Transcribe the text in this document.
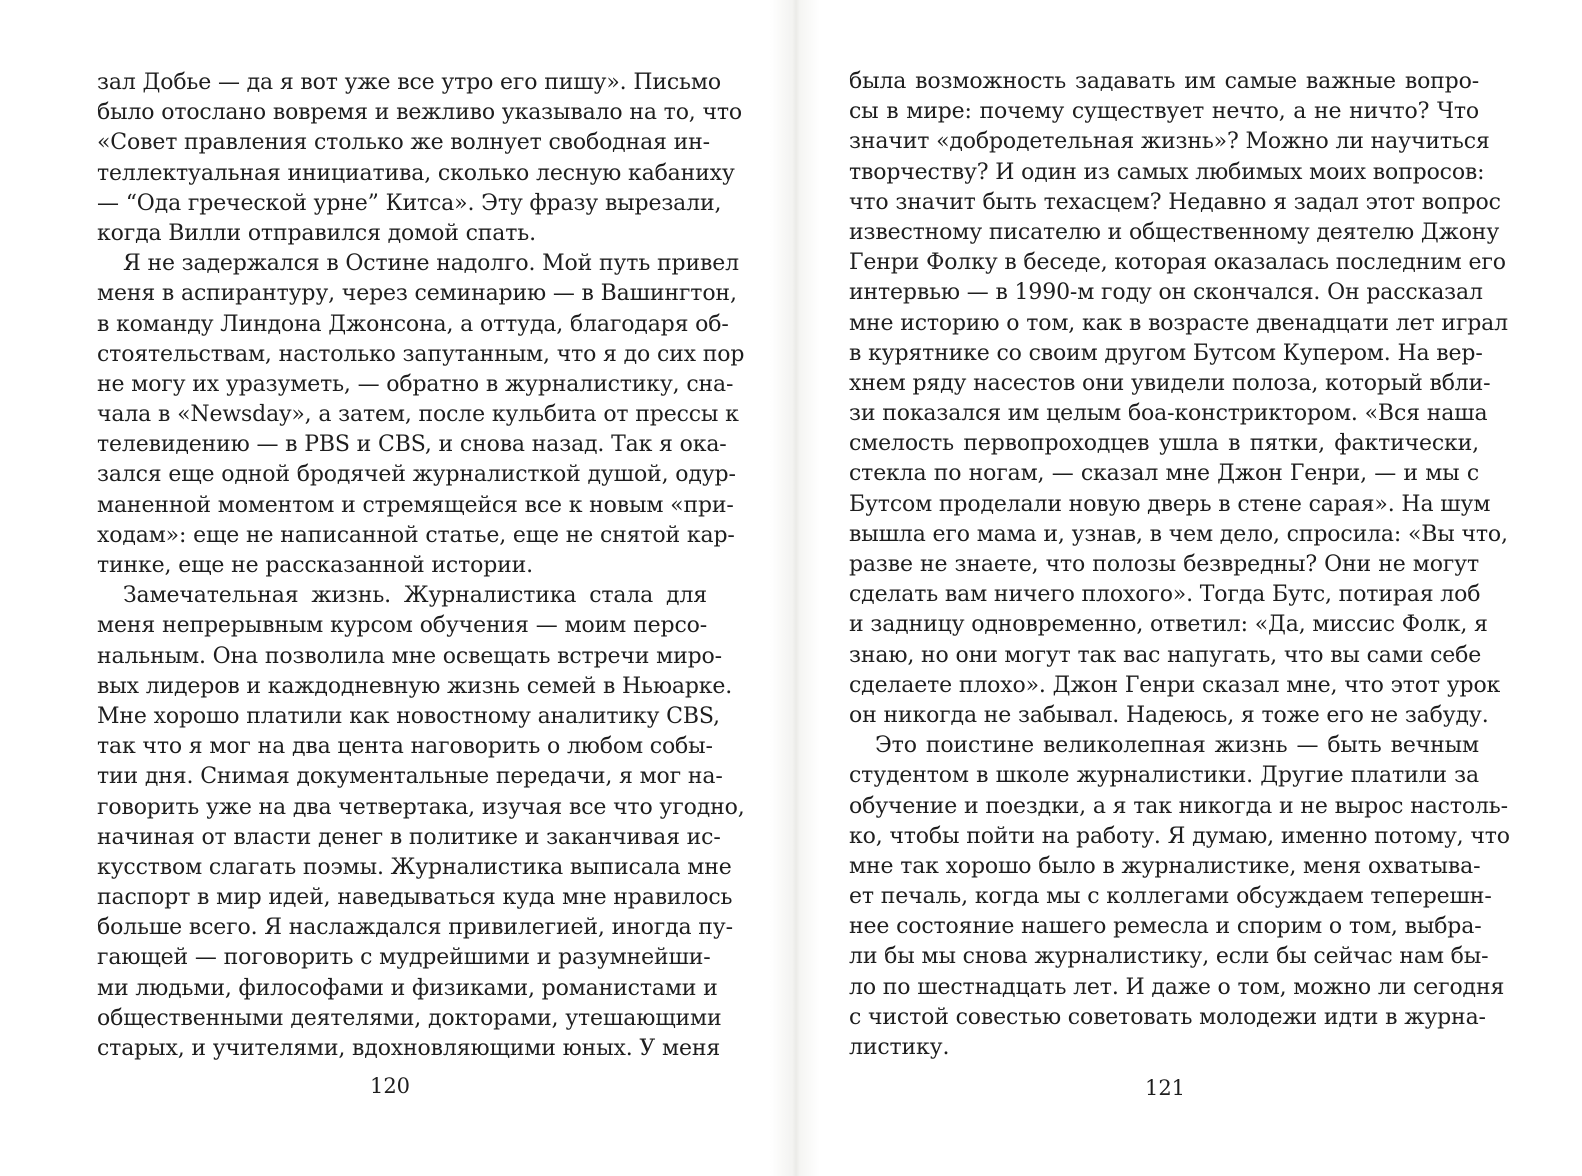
зал Добье — да я вот уже все утро его пишу». Письмо
было отослано вовремя и вежливо указывало на то, что
«Совет правления столько же волнует свободная ин-
теллектуальная инициатива, сколько лесную кабаниху
— “Ода греческой урне” Китса». Эту фразу вырезали,
когда Вилли отправился домой спать.
Я не задержался в Остине надолго. Мой путь привел
меня в аспирантуру, через семинарию — в Вашингтон,
в команду Линдона Джонсона, а оттуда, благодаря об-
стоятельствам, настолько запутанным, что я до сих пор
не могу их уразуметь, — обратно в журналистику, сна-
чала в «Newsday», а затем, после кульбита от прессы к
телевидению — в PBS и CBS, и снова назад. Так я ока-
зался еще одной бродячей журналисткой душой, одур-
маненной моментом и стремящейся все к новым «при-
ходам»: еще не написанной статье, еще не снятой кар-
тинке, еще не рассказанной истории.
Замечательная жизнь. Журналистика стала для
меня непрерывным курсом обучения — моим персо-
нальным. Она позволила мне освещать встречи миро-
вых лидеров и каждодневную жизнь семей в Ньюарке.
Мне хорошо платили как новостному аналитику CBS,
так что я мог на два цента наговорить о любом собы-
тии дня. Снимая документальные передачи, я мог на-
говорить уже на два четвертака, изучая все что угодно,
начиная от власти денег в политике и заканчивая ис-
кусством слагать поэмы. Журналистика выписала мне
паспорт в мир идей, наведываться куда мне нравилось
больше всего. Я наслаждался привилегией, иногда пу-
гающей — поговорить с мудрейшими и разумнейши-
ми людьми, философами и физиками, романистами и
общественными деятелями, докторами, утешающими
старых, и учителями, вдохновляющими юных. У меня
120
была возможность задавать им самые важные вопро-
сы в мире: почему существует нечто, а не ничто? Что
значит «добродетельная жизнь»? Можно ли научиться
творчеству? И один из самых любимых моих вопросов:
что значит быть техасцем? Недавно я задал этот вопрос
известному писателю и общественному деятелю Джону
Генри Фолку в беседе, которая оказалась последним его
интервью — в 1990-м году он скончался. Он рассказал
мне историю о том, как в возрасте двенадцати лет играл
в курятнике со своим другом Бутсом Купером. На вер-
хнем ряду насестов они увидели полоза, который вбли-
зи показался им целым боа-констриктором. «Вся наша
смелость первопроходцев ушла в пятки, фактически,
стекла по ногам, — сказал мне Джон Генри, — и мы с
Бутсом проделали новую дверь в стене сарая». На шум
вышла его мама и, узнав, в чем дело, спросила: «Вы что,
разве не знаете, что полозы безвредны? Они не могут
сделать вам ничего плохого». Тогда Бутс, потирая лоб
и задницу одновременно, ответил: «Да, миссис Фолк, я
знаю, но они могут так вас напугать, что вы сами себе
сделаете плохо». Джон Генри сказал мне, что этот урок
он никогда не забывал. Надеюсь, я тоже его не забуду.
Это поистине великолепная жизнь — быть вечным
студентом в школе журналистики. Другие платили за
обучение и поездки, а я так никогда и не вырос настоль-
ко, чтобы пойти на работу. Я думаю, именно потому, что
мне так хорошо было в журналистике, меня охватыва-
ет печаль, когда мы с коллегами обсуждаем теперешн-
нее состояние нашего ремесла и спорим о том, выбра-
ли бы мы снова журналистику, если бы сейчас нам бы-
ло по шестнадцать лет. И даже о том, можно ли сегодня
с чистой совестью советовать молодежи идти в журна-
листику.
121
